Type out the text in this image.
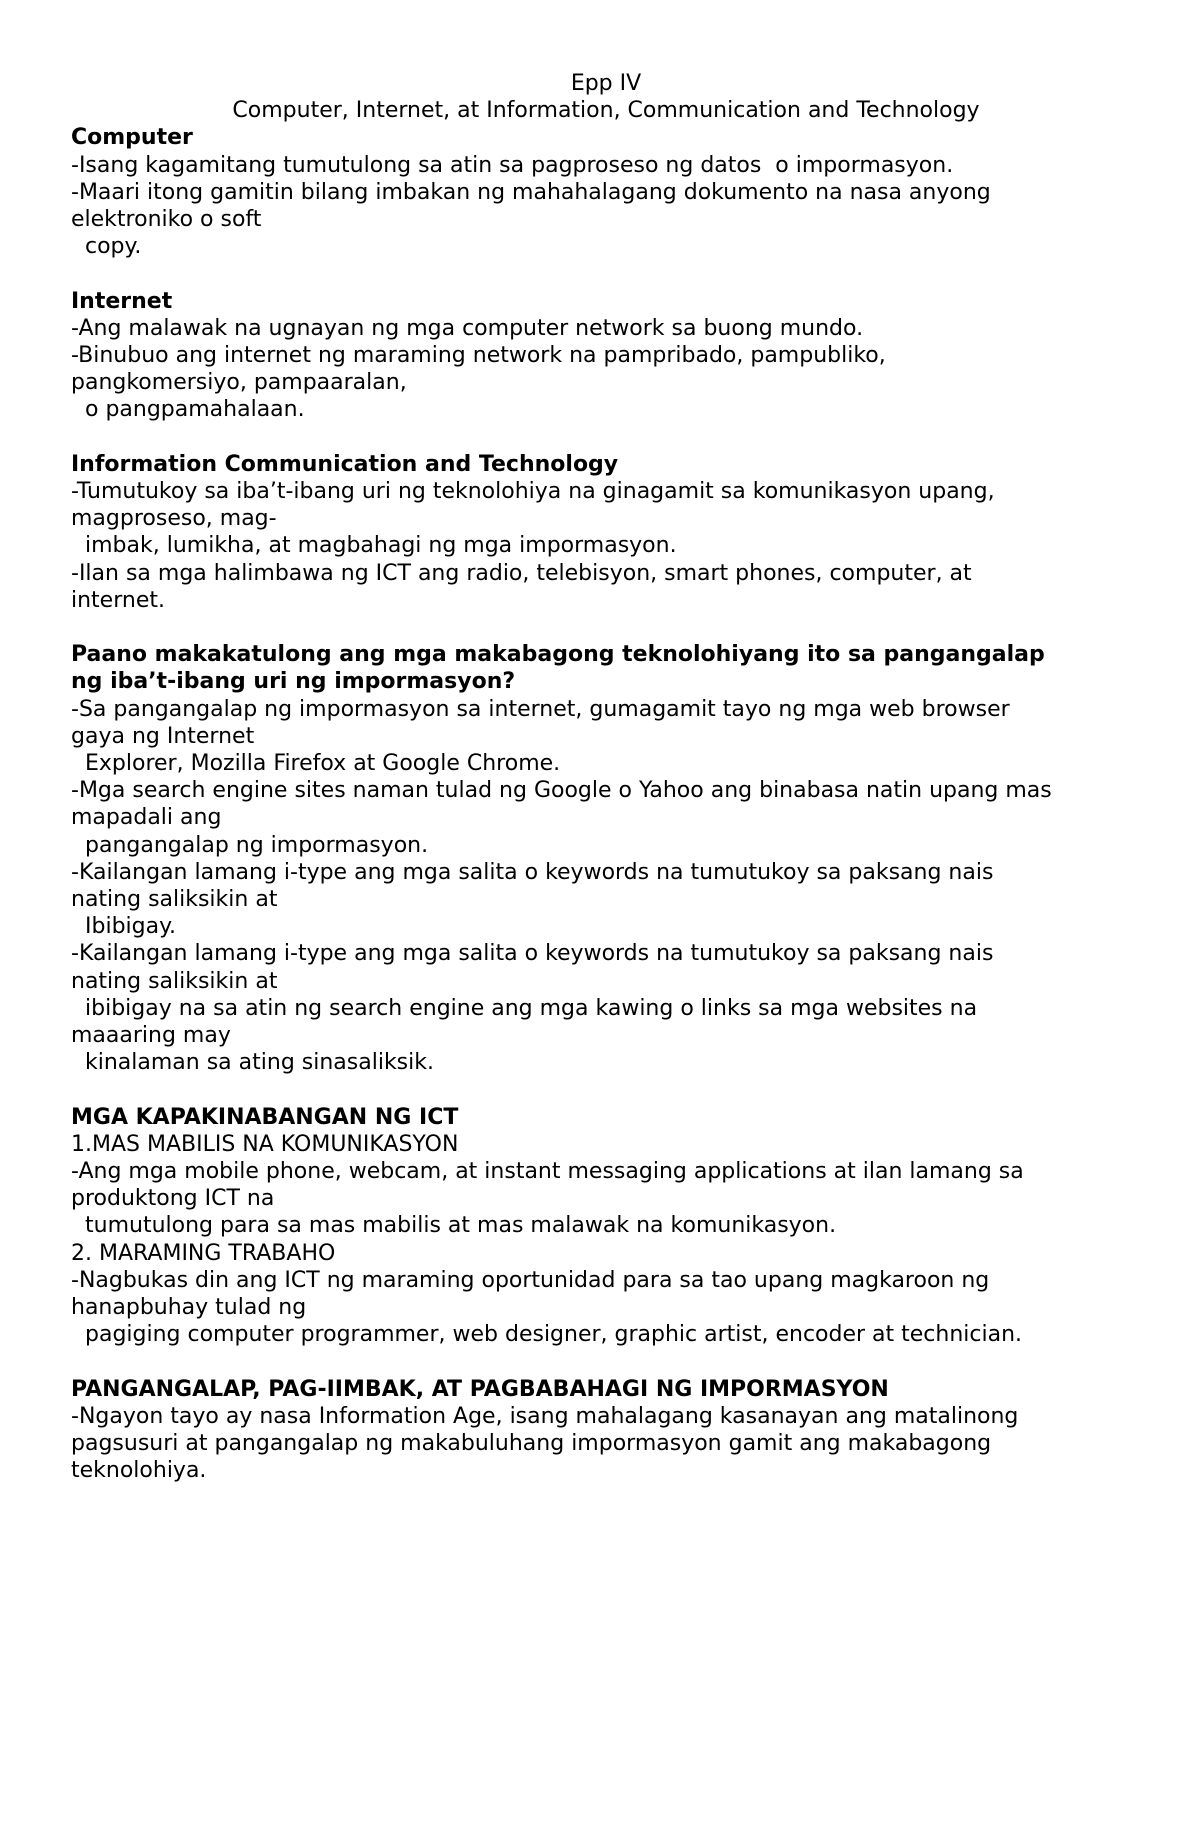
Epp IV

Computer, Internet, at Information, Communication and Technology

Computer

-Isang kagamitang tumutulong sa atin sa pagproseso ng datos  o impormasyon.

-Maari itong gamitin bilang imbakan ng mahahalagang dokumento na nasa anyong

elektroniko o soft

copy.

Internet

-Ang malawak na ugnayan ng mga computer network sa buong mundo.

-Binubuo ang internet ng maraming network na pampribado, pampubliko,

pangkomersiyo, pampaaralan,

o pangpamahalaan.

Information Communication and Technology

-Tumutukoy sa iba’t-ibang uri ng teknolohiya na ginagamit sa komunikasyon upang,

magproseso, mag-

imbak, lumikha, at magbahagi ng mga impormasyon.

-Ilan sa mga halimbawa ng ICT ang radio, telebisyon, smart phones, computer, at

internet.

Paano makakatulong ang mga makabagong teknolohiyang ito sa pangangalap

ng iba’t-ibang uri ng impormasyon?

-Sa pangangalap ng impormasyon sa internet, gumagamit tayo ng mga web browser

gaya ng Internet

Explorer, Mozilla Firefox at Google Chrome.

-Mga search engine sites naman tulad ng Google o Yahoo ang binabasa natin upang mas

mapadali ang

pangangalap ng impormasyon.

-Kailangan lamang i-type ang mga salita o keywords na tumutukoy sa paksang nais

nating saliksikin at

Ibibigay.

-Kailangan lamang i-type ang mga salita o keywords na tumutukoy sa paksang nais

nating saliksikin at

ibibigay na sa atin ng search engine ang mga kawing o links sa mga websites na

maaaring may

kinalaman sa ating sinasaliksik.

MGA KAPAKINABANGAN NG ICT

1.MAS MABILIS NA KOMUNIKASYON

-Ang mga mobile phone, webcam, at instant messaging applications at ilan lamang sa

produktong ICT na

tumutulong para sa mas mabilis at mas malawak na komunikasyon.

2. MARAMING TRABAHO

-Nagbukas din ang ICT ng maraming oportunidad para sa tao upang magkaroon ng

hanapbuhay tulad ng

pagiging computer programmer, web designer, graphic artist, encoder at technician.

PANGANGALAP, PAG-IIMBAK, AT PAGBABAHAGI NG IMPORMASYON

-Ngayon tayo ay nasa Information Age, isang mahalagang kasanayan ang matalinong

pagsusuri at pangangalap ng makabuluhang impormasyon gamit ang makabagong

teknolohiya.
